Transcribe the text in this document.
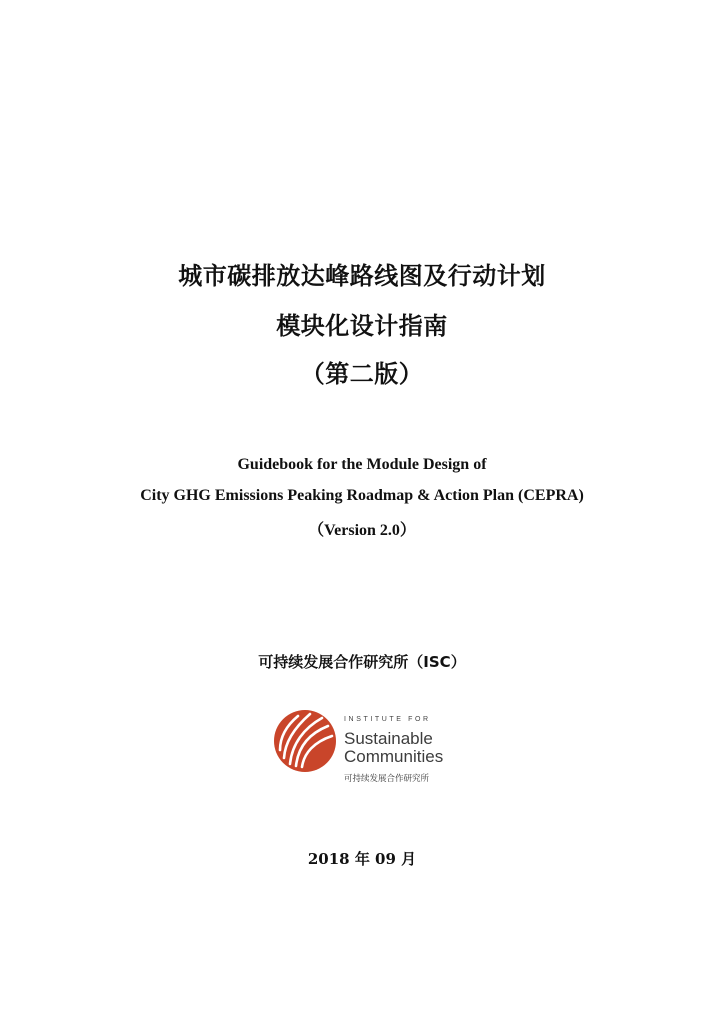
城市碳排放达峰路线图及行动计划
模块化设计指南
（第二版）
Guidebook for the Module Design of
City GHG Emissions Peaking Roadmap & Action Plan (CEPRA)
（Version 2.0）
可持续发展合作研究所（ISC）
INSTITUTE FOR
Sustainable
Communities
可持续发展合作研究所
2018 年 09 月
